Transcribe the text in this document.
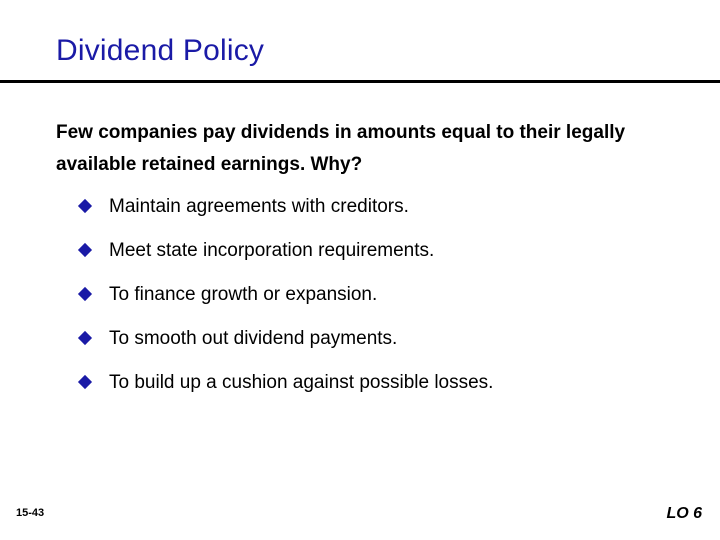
Dividend Policy

Few companies pay dividends in amounts equal to their legally available retained earnings. Why?

Maintain agreements with creditors.
Meet state incorporation requirements.
To finance growth or expansion.
To smooth out dividend payments.
To build up a cushion against possible losses.
15-43	LO 6
